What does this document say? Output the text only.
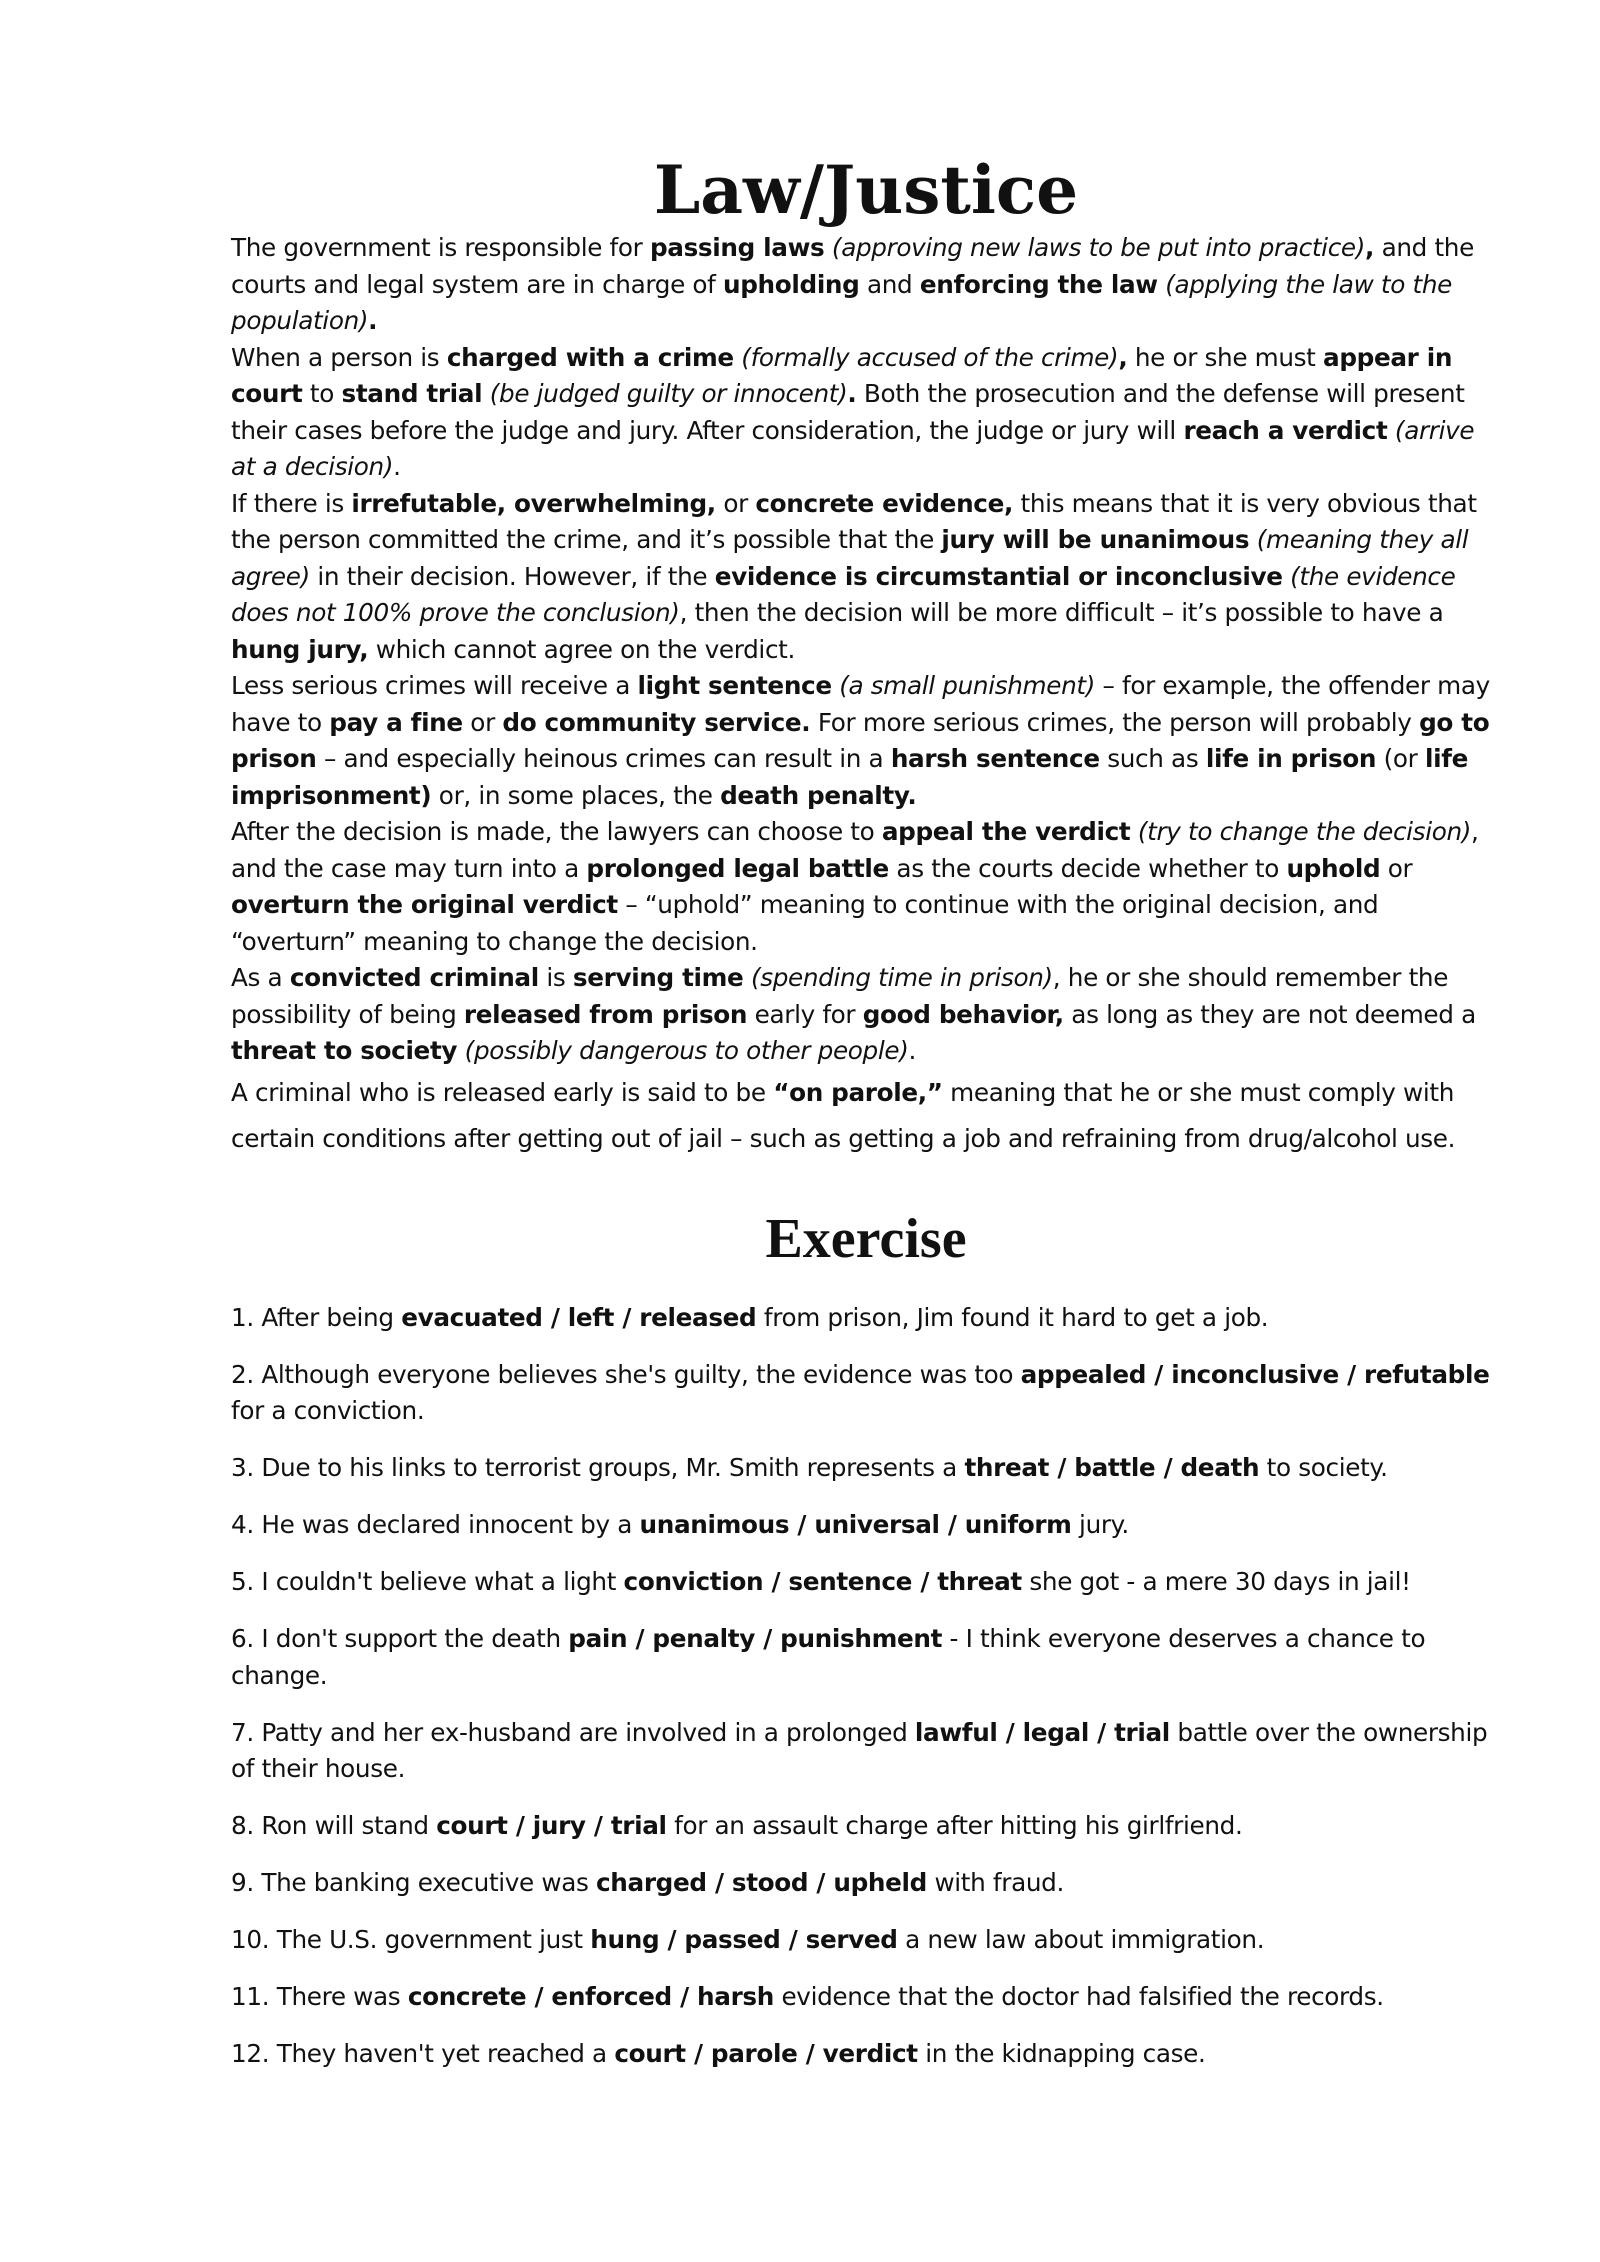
Law/Justice

The government is responsible for passing laws (approving new laws to be put into practice), and the courts and legal system are in charge of upholding and enforcing the law (applying the law to the population).

When a person is charged with a crime (formally accused of the crime), he or she must appear in court to stand trial (be judged guilty or innocent). Both the prosecution and the defense will present their cases before the judge and jury. After consideration, the judge or jury will reach a verdict (arrive at a decision).

If there is irrefutable, overwhelming, or concrete evidence, this means that it is very obvious that the person committed the crime, and it’s possible that the jury will be unanimous (meaning they all agree) in their decision. However, if the evidence is circumstantial or inconclusive (the evidence does not 100% prove the conclusion), then the decision will be more difficult – it’s possible to have a hung jury, which cannot agree on the verdict.

Less serious crimes will receive a light sentence (a small punishment) – for example, the offender may have to pay a fine or do community service. For more serious crimes, the person will probably go to prison – and especially heinous crimes can result in a harsh sentence such as life in prison (or life imprisonment) or, in some places, the death penalty.

After the decision is made, the lawyers can choose to appeal the verdict (try to change the decision), and the case may turn into a prolonged legal battle as the courts decide whether to uphold or overturn the original verdict – “uphold” meaning to continue with the original decision, and “overturn” meaning to change the decision.

As a convicted criminal is serving time (spending time in prison), he or she should remember the possibility of being released from prison early for good behavior, as long as they are not deemed a threat to society (possibly dangerous to other people).

A criminal who is released early is said to be “on parole,” meaning that he or she must comply with certain conditions after getting out of jail – such as getting a job and refraining from drug/alcohol use.

Exercise
1. After being evacuated / left / released from prison, Jim found it hard to get a job.
2. Although everyone believes she's guilty, the evidence was too appealed / inconclusive / refutable for a conviction.
3. Due to his links to terrorist groups, Mr. Smith represents a threat / battle / death to society.
4. He was declared innocent by a unanimous / universal / uniform jury.
5. I couldn't believe what a light conviction / sentence / threat she got - a mere 30 days in jail!
6. I don't support the death pain / penalty / punishment - I think everyone deserves a chance to change.
7. Patty and her ex-husband are involved in a prolonged lawful / legal / trial battle over the ownership of their house.
8. Ron will stand court / jury / trial for an assault charge after hitting his girlfriend.
9. The banking executive was charged / stood / upheld with fraud.
10. The U.S. government just hung / passed / served a new law about immigration.
11. There was concrete / enforced / harsh evidence that the doctor had falsified the records.
12. They haven't yet reached a court / parole / verdict in the kidnapping case.
